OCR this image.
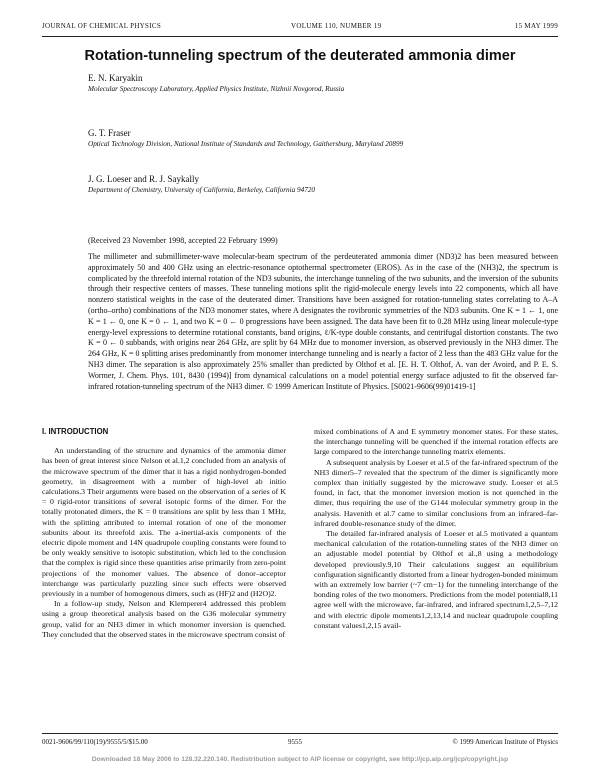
JOURNAL OF CHEMICAL PHYSICS	VOLUME 110, NUMBER 19	15 MAY 1999
Rotation-tunneling spectrum of the deuterated ammonia dimer
E. N. Karyakin
Molecular Spectroscopy Laboratory, Applied Physics Institute, Nizhnii Novgorod, Russia
G. T. Fraser
Optical Technology Division, National Institute of Standards and Technology, Gaithersburg, Maryland 20899
J. G. Loeser and R. J. Saykally
Department of Chemistry, University of California, Berkeley, California 94720
(Received 23 November 1998, accepted 22 February 1999)

The millimeter and submillimeter-wave molecular-beam spectrum of the perdeuterated ammonia dimer (ND3)2 has been measured between approximately 50 and 400 GHz using an electric-resonance optothermal spectrometer (EROS). As in the case of the (NH3)2, the spectrum is complicated by the threefold internal rotation of the ND3 subunits, the interchange tunneling of the two subunits, and the inversion of the subunits through their respective centers of masses. These tunneling motions split the rigid-molecule energy levels into 22 components, which all have nonzero statistical weights in the case of the deuterated dimer. Transitions have been assigned for rotation-tunneling states correlating to A–A (ortho–ortho) combinations of the ND3 monomer states, where A designates the rovibronic symmetries of the ND3 subunits. One K = 1 ← 1, one K = 1 ← 0, one K = 0 ← 1, and two K = 0 ← 0 progressions have been assigned. The data have been fit to 0.28 MHz using linear molecule-type energy-level expressions to determine rotational constants, band origins, ℓ/K-type double constants, and centrifugal distortion constants. The two K = 0 ← 0 subbands, with origins near 264 GHz, are split by 64 MHz due to monomer inversion, as observed previously in the NH3 dimer. The 264 GHz, K = 0 splitting arises predominantly from monomer interchange tunneling and is nearly a factor of 2 less than the 483 GHz value for the NH3 dimer. The separation is also approximately 25% smaller than predicted by Olthof et al. [E. H. T. Olthof, A. van der Avoird, and P. E. S. Wormer, J. Chem. Phys. 101, 8430 (1994)] from dynamical calculations on a model potential energy surface adjusted to fit the observed far-infrared rotation-tunneling spectrum of the NH3 dimer. © 1999 American Institute of Physics. [S0021-9606(99)01419-1]

I. INTRODUCTION

An understanding of the structure and dynamics of the ammonia dimer has been of great interest since Nelson et al.1,2 concluded from an analysis of the microwave spectrum of the dimer that it has a rigid nonhydrogen-bonded geometry, in disagreement with a number of high-level ab initio calculations.3 Their arguments were based on the observation of a series of K = 0 rigid-rotor transitions of several isotopic forms of the dimer. For the totally protonated dimers, the K = 0 transitions are split by less than 1 MHz, with the splitting attributed to internal rotation of one of the monomer subunits about its threefold axis. The a-inertial-axis components of the electric dipole moment and 14N quadrupole coupling constants were found to be only weakly sensitive to isotopic substitution, which led to the conclusion that the complex is rigid since these quantities arise primarily from zero-point projections of the monomer values. The absence of donor–acceptor interchange was particularly puzzling since such effects were observed previously in a number of homogenous dimers, such as (HF)2 and (H2O)2.

In a follow-up study, Nelson and Klemperer4 addressed this problem using a group theoretical analysis based on the G36 molecular symmetry group, valid for an NH3 dimer in which monomer inversion is quenched. They concluded that the observed states in the microwave spectrum consist of

mixed combinations of A and E symmetry monomer states. For these states, the interchange tunneling will be quenched if the internal rotation effects are large compared to the interchange tunneling matrix elements.

A subsequent analysis by Loeser et al.5 of the far-infrared spectrum of the NH3 dimer5–7 revealed that the spectrum of the dimer is significantly more complex than initially suggested by the microwave study. Loeser et al.5 found, in fact, that the monomer inversion motion is not quenched in the dimer, thus requiring the use of the G144 molecular symmetry group in the analysis. Havenith et al.7 came to similar conclusions from an infrared–far-infrared double-resonance study of the dimer.

The detailed far-infrared analysis of Loeser et al.5 motivated a quantum mechanical calculation of the rotation-tunneling states of the NH3 dimer on an adjustable model potential by Olthof et al.,8 using a methodology developed previously.9,10 Their calculations suggest an equilibrium configuration significantly distorted from a linear hydrogen-bonded minimum with an extremely low barrier (~7 cm−1) for the tunneling interchange of the bonding roles of the two monomers. Predictions from the model potential8,11 agree well with the microwave, far-infrared, and infrared spectrum1,2,5–7,12 and with electric dipole moments1,2,13,14 and nuclear quadrupole coupling constant values1,2,15 avail-

0021-9606/99/110(19)/9555/5/$15.00	9555	© 1999 American Institute of Physics
Downloaded 18 May 2006 to 128.32.220.140. Redistribution subject to AIP license or copyright, see http://jcp.aip.org/jcp/copyright.jsp
